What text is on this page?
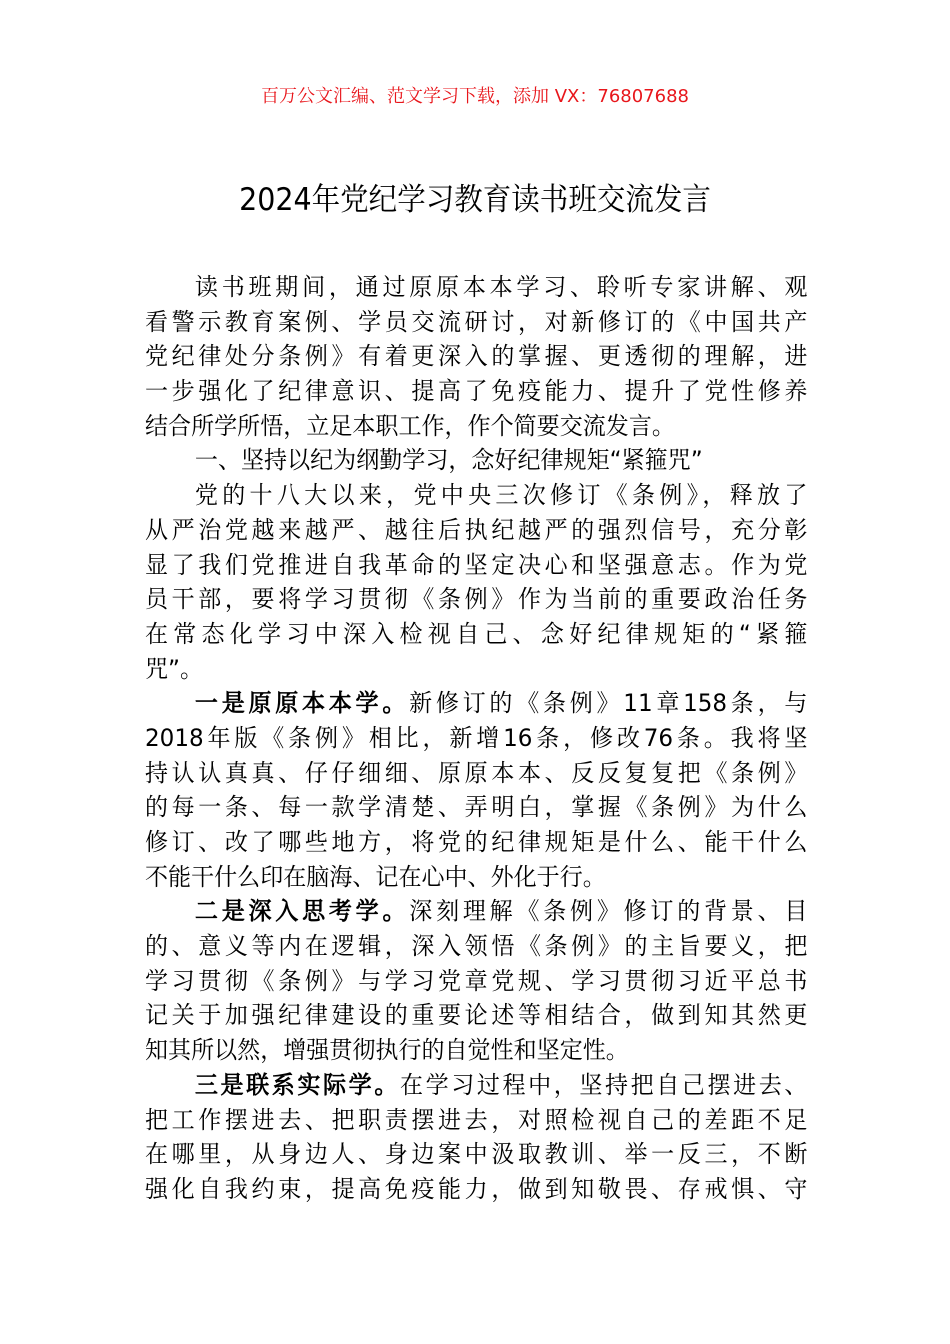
百万公文汇编、范文学习下载，添加 VX：76807688
2024年党纪学习教育读书班交流发言
读书班期间，通过原原本本学习、聆听专家讲解、观
看警示教育案例、学员交流研讨，对新修订的《中国共产
党纪律处分条例》有着更深入的掌握、更透彻的理解，进
一步强化了纪律意识、提高了免疫能力、提升了党性修养
结合所学所悟，立足本职工作，作个简要交流发言。
一、坚持以纪为纲勤学习，念好纪律规矩“紧箍咒”
党的十八大以来，党中央三次修订《条例》，释放了
从严治党越来越严、越往后执纪越严的强烈信号，充分彰
显了我们党推进自我革命的坚定决心和坚强意志。作为党
员干部，要将学习贯彻《条例》作为当前的重要政治任务
在常态化学习中深入检视自己、念好纪律规矩的“紧箍
咒”。
一是原原本本学。新修订的《条例》11章158条，与
2018年版《条例》相比，新增16条，修改76条。我将坚
持认认真真、仔仔细细、原原本本、反反复复把《条例》
的每一条、每一款学清楚、弄明白，掌握《条例》为什么
修订、改了哪些地方，将党的纪律规矩是什么、能干什么
不能干什么印在脑海、记在心中、外化于行。
二是深入思考学。深刻理解《条例》修订的背景、目
的、意义等内在逻辑，深入领悟《条例》的主旨要义，把
学习贯彻《条例》与学习党章党规、学习贯彻习近平总书
记关于加强纪律建设的重要论述等相结合，做到知其然更
知其所以然，增强贯彻执行的自觉性和坚定性。
三是联系实际学。在学习过程中，坚持把自己摆进去、
把工作摆进去、把职责摆进去，对照检视自己的差距不足
在哪里，从身边人、身边案中汲取教训、举一反三，不断
强化自我约束，提高免疫能力，做到知敬畏、存戒惧、守
